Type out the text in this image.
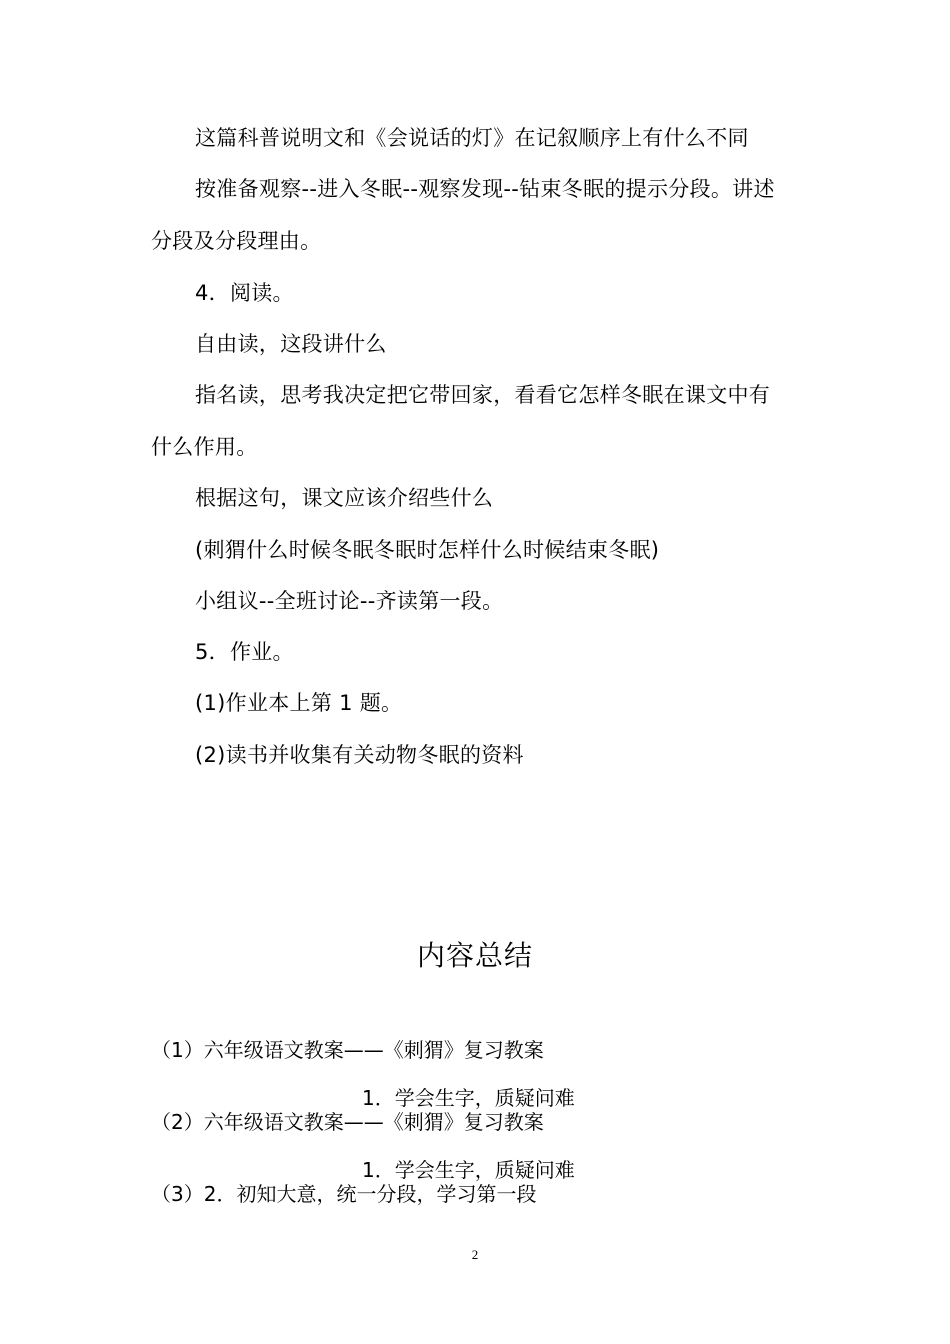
这篇科普说明文和《会说话的灯》在记叙顺序上有什么不同
按准备观察--进入冬眠--观察发现--钻束冬眠的提示分段。讲述
分段及分段理由。
4．阅读。
自由读，这段讲什么
指名读，思考我决定把它带回家，看看它怎样冬眠在课文中有
什么作用。
根据这句，课文应该介绍些什么
(刺猬什么时候冬眠冬眠时怎样什么时候结束冬眠)
小组议--全班讨论--齐读第一段。
5．作业。
(1)作业本上第 1 题。
(2)读书并收集有关动物冬眠的资料
内容总结
（1）六年级语文教案——《刺猬》复习教案
1．学会生字，质疑问难
（2）六年级语文教案——《刺猬》复习教案
1．学会生字，质疑问难
（3）2．初知大意，统一分段，学习第一段
2
